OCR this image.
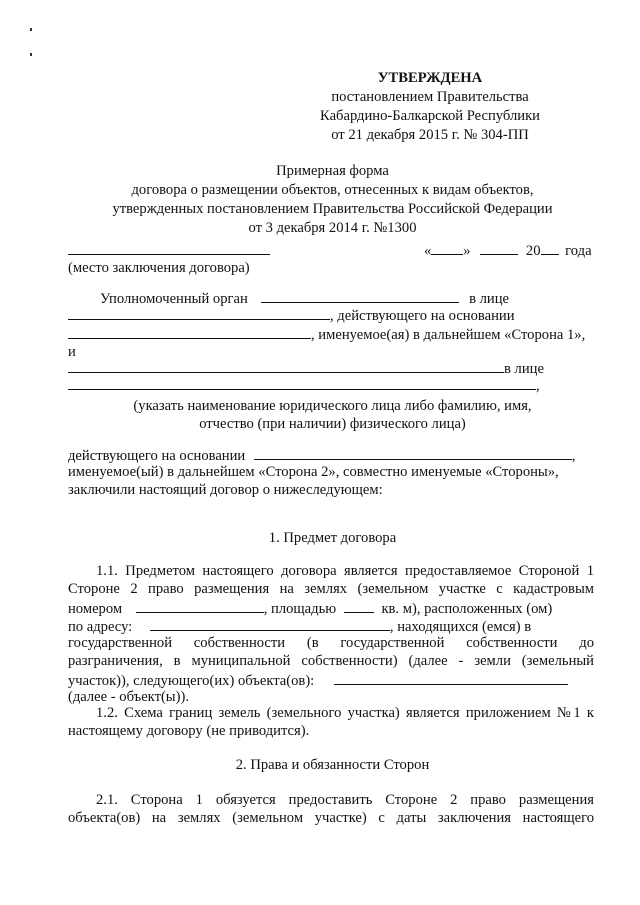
УТВЕРЖДЕНА
постановлением Правительства
Кабардино-Балкарской Республики
от 21 декабря 2015 г. № 304-ПП
Примерная форма
договора о размещении объектов, отнесенных к видам объектов,
утвержденных постановлением Правительства Российской Федерации
от 3 декабря 2014 г. №1300
« »	20 года
(место заключения договора)
Уполномоченный орган	в лице
, действующего на основании
, именуемое(ая) в дальнейшем «Сторона 1»,
и
в лице
,
(указать наименование юридического лица либо фамилию, имя,
отчество (при наличии) физического лица)
действующего на основании	,
именуемое(ый) в дальнейшем «Сторона 2», совместно именуемые «Стороны»,
заключили настоящий договор о нижеследующем:
1. Предмет договора
1.1. Предметом настоящего договора является предоставляемое Стороной 1
Стороне 2 право размещения на землях (земельном участке с кадастровым
номером	, площадью	кв. м), расположенных (ом)
по адресу:	, находящихся (емся) в
государственной собственности (в государственной собственности до
разграничения, в муниципальной собственности) (далее - земли (земельный
участок)), следующего(их) объекта(ов):
(далее - объект(ы)).
1.2. Схема границ земель (земельного участка) является приложением №1 к
настоящему договору (не приводится).
2. Права и обязанности Сторон
2.1. Сторона 1 обязуется предоставить Стороне 2 право размещения
объекта(ов) на землях (земельном участке) с даты заключения настоящего
